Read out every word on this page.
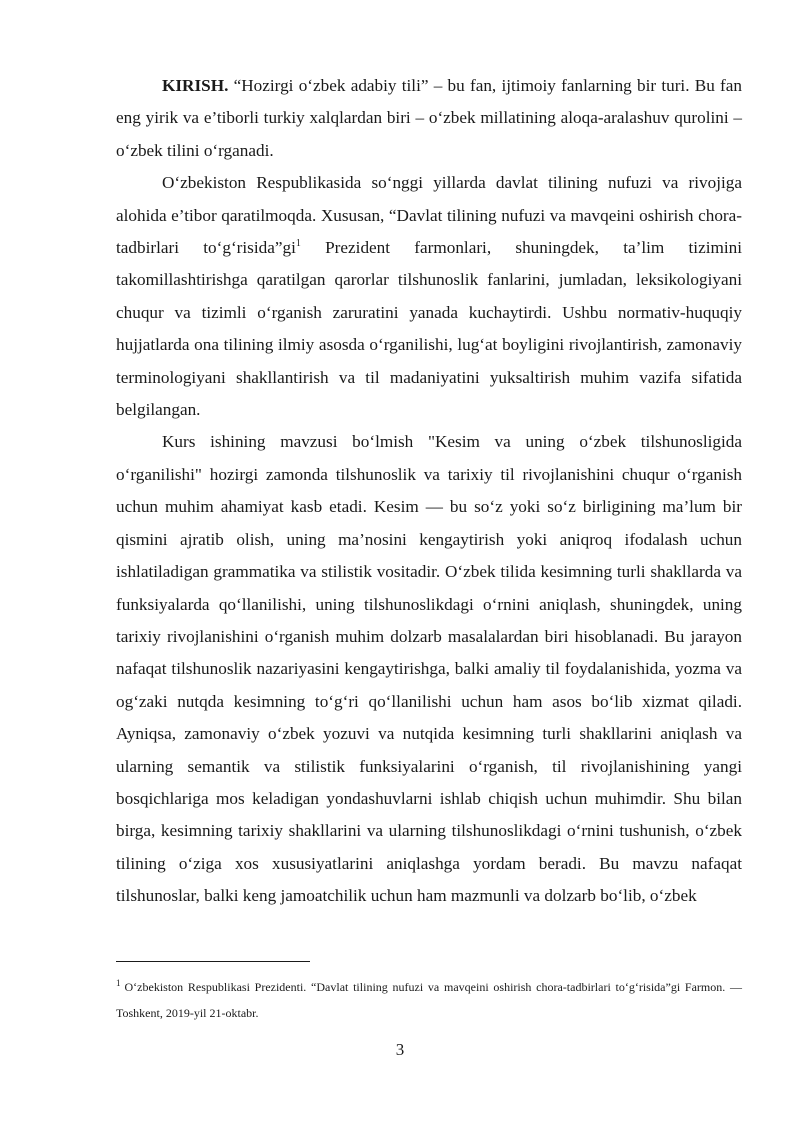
KIRISH. “Hozirgi o‘zbek adabiy tili” – bu fan, ijtimoiy fanlarning bir turi. Bu fan eng yirik va e’tiborli turkiy xalqlardan biri – o‘zbek millatining aloqa-aralashuv qurolini – o‘zbek tilini o‘rganadi.

O‘zbekiston Respublikasida so‘nggi yillarda davlat tilining nufuzi va rivojiga alohida e’tibor qaratilmoqda. Xususan, “Davlat tilining nufuzi va mavqeini oshirish chora-tadbirlari to‘g‘risida”gi$^1$ Prezident farmonlari, shuningdek, ta’lim tizimini takomillashtirishga qaratilgan qarorlar tilshunoslik fanlarini, jumladan, leksikologiyani chuqur va tizimli o‘rganish zaruratini yanada kuchaytirdi. Ushbu normativ-huquqiy hujjatlarda ona tilining ilmiy asosda o‘rganilishi, lug‘at boyligini rivojlantirish, zamonaviy terminologiyani shakllantirish va til madaniyatini yuksaltirish muhim vazifa sifatida belgilangan.

Kurs ishining mavzusi bo‘lmish "Kesim va uning o‘zbek tilshunosligida o‘rganilishi" hozirgi zamonda tilshunoslik va tarixiy til rivojlanishini chuqur o‘rganish uchun muhim ahamiyat kasb etadi. Kesim — bu so‘z yoki so‘z birligining ma’lum bir qismini ajratib olish, uning ma’nosini kengaytirish yoki aniqroq ifodalash uchun ishlatiladigan grammatika va stilistik vositadir. O‘zbek tilida kesimning turli shakllarda va funksiyalarda qo‘llanilishi, uning tilshunoslikdagi o‘rnini aniqlash, shuningdek, uning tarixiy rivojlanishini o‘rganish muhim dolzarb masalalardan biri hisoblanadi. Bu jarayon nafaqat tilshunoslik nazariyasini kengaytirishga, balki amaliy til foydalanishida, yozma va og‘zaki nutqda kesimning to‘g‘ri qo‘llanilishi uchun ham asos bo‘lib xizmat qiladi. Ayniqsa, zamonaviy o‘zbek yozuvi va nutqida kesimning turli shakllarini aniqlash va ularning semantik va stilistik funksiyalarini o‘rganish, til rivojlanishining yangi bosqichlariga mos keladigan yondashuvlarni ishlab chiqish uchun muhimdir. Shu bilan birga, kesimning tarixiy shakllarini va ularning tilshunoslikdagi o‘rnini tushunish, o‘zbek tilining o‘ziga xos xususiyatlarini aniqlashga yordam beradi. Bu mavzu nafaqat tilshunoslar, balki keng jamoatchilik uchun ham mazmunli va dolzarb bo‘lib, o‘zbek

$^1$ O‘zbekiston Respublikasi Prezidenti. “Davlat tilining nufuzi va mavqeini oshirish chora-tadbirlari to‘g‘risida”gi Farmon. — Toshkent, 2019-yil 21-oktabr.
3
